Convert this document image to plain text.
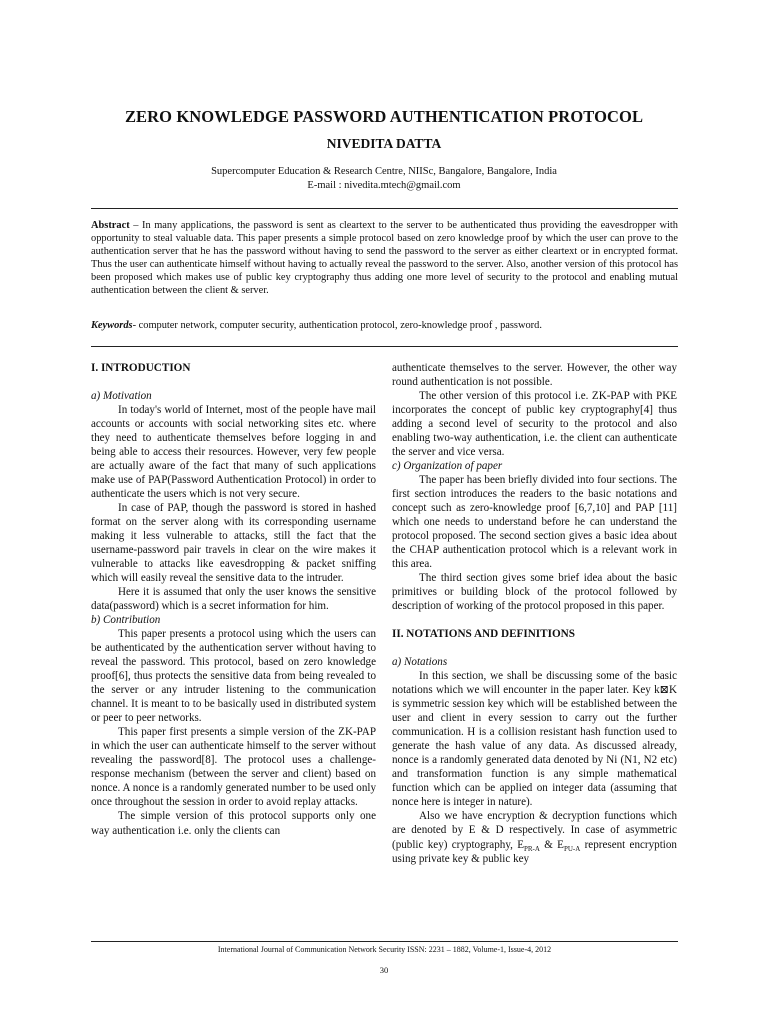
ZERO KNOWLEDGE PASSWORD AUTHENTICATION PROTOCOL
NIVEDITA DATTA
Supercomputer Education & Research Centre, NIISc, Bangalore, Bangalore, India
E-mail : nivedita.mtech@gmail.com
Abstract – In many applications, the password is sent as cleartext to the server to be authenticated thus providing the eavesdropper with opportunity to steal valuable data. This paper presents a simple protocol based on zero knowledge proof by which the user can prove to the authentication server that he has the password without having to send the password to the server as either cleartext or in encrypted format. Thus the user can authenticate himself without having to actually reveal the password to the server. Also, another version of this protocol has been proposed which makes use of public key cryptography thus adding one more level of security to the protocol and enabling mutual authentication between the client & server.
Keywords- computer network, computer security, authentication protocol, zero-knowledge proof , password.

I. INTRODUCTION

a) Motivation

In today's world of Internet, most of the people have mail accounts or accounts with social networking sites etc. where they need to authenticate themselves before logging in and being able to access their resources. However, very few people are actually aware of the fact that many of such applications make use of PAP(Password Authentication Protocol) in order to authenticate the users which is not very secure.

In case of PAP, though the password is stored in hashed format on the server along with its corresponding username making it less vulnerable to attacks, still the fact that the username-password pair travels in clear on the wire makes it vulnerable to attacks like eavesdropping & packet sniffing which will easily reveal the sensitive data to the intruder.

Here it is assumed that only the user knows the sensitive data(password) which is a secret information for him.

b) Contribution

This paper presents a protocol using which the users can be authenticated by the authentication server without having to reveal the password. This protocol, based on zero knowledge proof[6], thus protects the sensitive data from being revealed to the server or any intruder listening to the communication channel. It is meant to to be basically used in distributed system or peer to peer networks.

This paper first presents a simple version of the ZK-PAP in which the user can authenticate himself to the server without revealing the password[8]. The protocol uses a challenge-response mechanism (between the server and client) based on nonce. A nonce is a randomly generated number to be used only once throughout the session in order to avoid replay attacks.

The simple version of this protocol supports only one way authentication i.e. only the clients can

authenticate themselves to the server. However, the other way round authentication is not possible.

The other version of this protocol i.e. ZK-PAP with PKE incorporates the concept of public key cryptography[4] thus adding a second level of security to the protocol and also enabling two-way authentication, i.e. the client can authenticate the server and vice versa.

c) Organization of paper

The paper has been briefly divided into four sections. The first section introduces the readers to the basic notations and concept such as zero-knowledge proof [6,7,10] and PAP [11] which one needs to understand before he can understand the protocol proposed. The second section gives a basic idea about the CHAP authentication protocol which is a relevant work in this area.

The third section gives some brief idea about the basic primitives or building block of the protocol followed by description of working of the protocol proposed in this paper.

II. NOTATIONS AND DEFINITIONS

a) Notations

In this section, we shall be discussing some of the basic notations which we will encounter in the paper later. Key k⊠K is symmetric session key which will be established between the user and client in every session to carry out the further communication. H is a collision resistant hash function used to generate the hash value of any data. As discussed already, nonce is a randomly generated data denoted by Ni (N1, N2 etc) and transformation function is any simple mathematical function which can be applied on integer data (assuming that nonce here is integer in nature).

Also we have encryption & decryption functions which are denoted by E & D respectively. In case of asymmetric (public key) cryptography, $E_{PR-A}$ & $E_{PU-A}$ represent encryption using private key & public key

International Journal of Communication Network Security ISSN: 2231 – 1882, Volume-1, Issue-4, 2012
30
